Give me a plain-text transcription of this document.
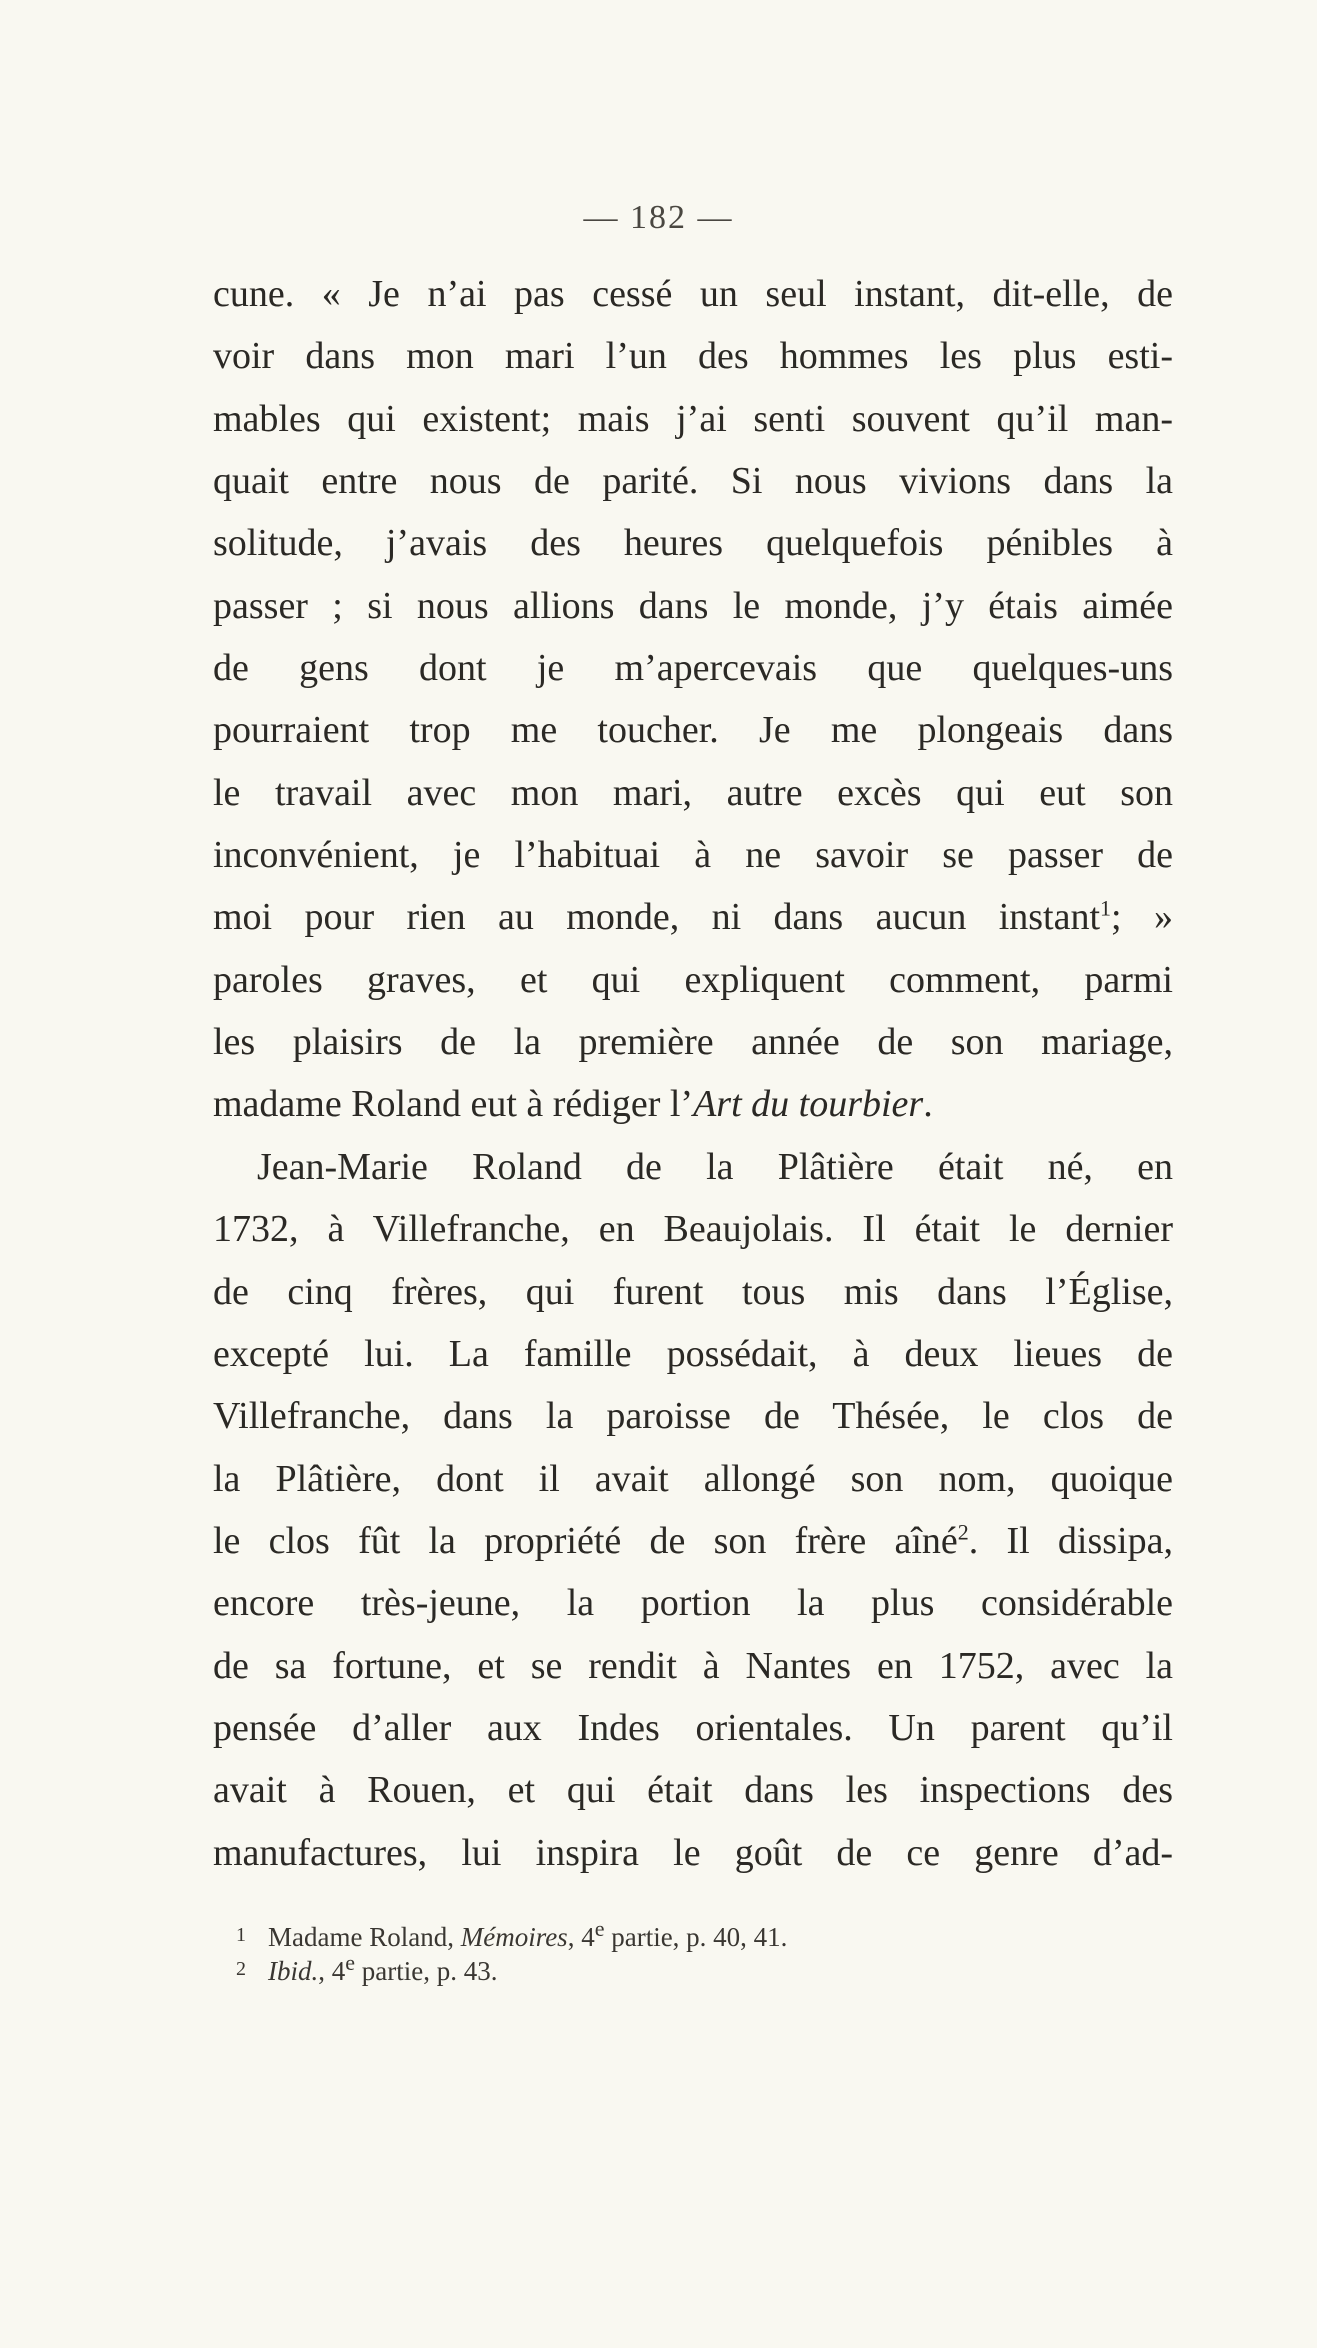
— 182 —
cune. « Je n’ai pas cessé un seul instant, dit-elle, de
voir dans mon mari l’un des hommes les plus esti-
mables qui existent; mais j’ai senti souvent qu’il man-
quait entre nous de parité. Si nous vivions dans la
solitude, j’avais des heures quelquefois pénibles à
passer ; si nous allions dans le monde, j’y étais aimée
de gens dont je m’apercevais que quelques-uns
pourraient trop me toucher. Je me plongeais dans
le travail avec mon mari, autre excès qui eut son
inconvénient, je l’habituai à ne savoir se passer de
moi pour rien au monde, ni dans aucun instant$^1$; »
paroles graves, et qui expliquent comment, parmi
les plaisirs de la première année de son mariage,
madame Roland eut à rédiger l’Art du tourbier.
Jean-Marie Roland de la Plâtière était né, en
1732, à Villefranche, en Beaujolais. Il était le dernier
de cinq frères, qui furent tous mis dans l’Église,
excepté lui. La famille possédait, à deux lieues de
Villefranche, dans la paroisse de Thésée, le clos de
la Plâtière, dont il avait allongé son nom, quoique
le clos fût la propriété de son frère aîné$^2$. Il dissipa,
encore très-jeune, la portion la plus considérable
de sa fortune, et se rendit à Nantes en 1752, avec la
pensée d’aller aux Indes orientales. Un parent qu’il
avait à Rouen, et qui était dans les inspections des
manufactures, lui inspira le goût de ce genre d’ad-
1 Madame Roland, Mémoires, 4e partie, p. 40, 41.
2 Ibid., 4e partie, p. 43.
